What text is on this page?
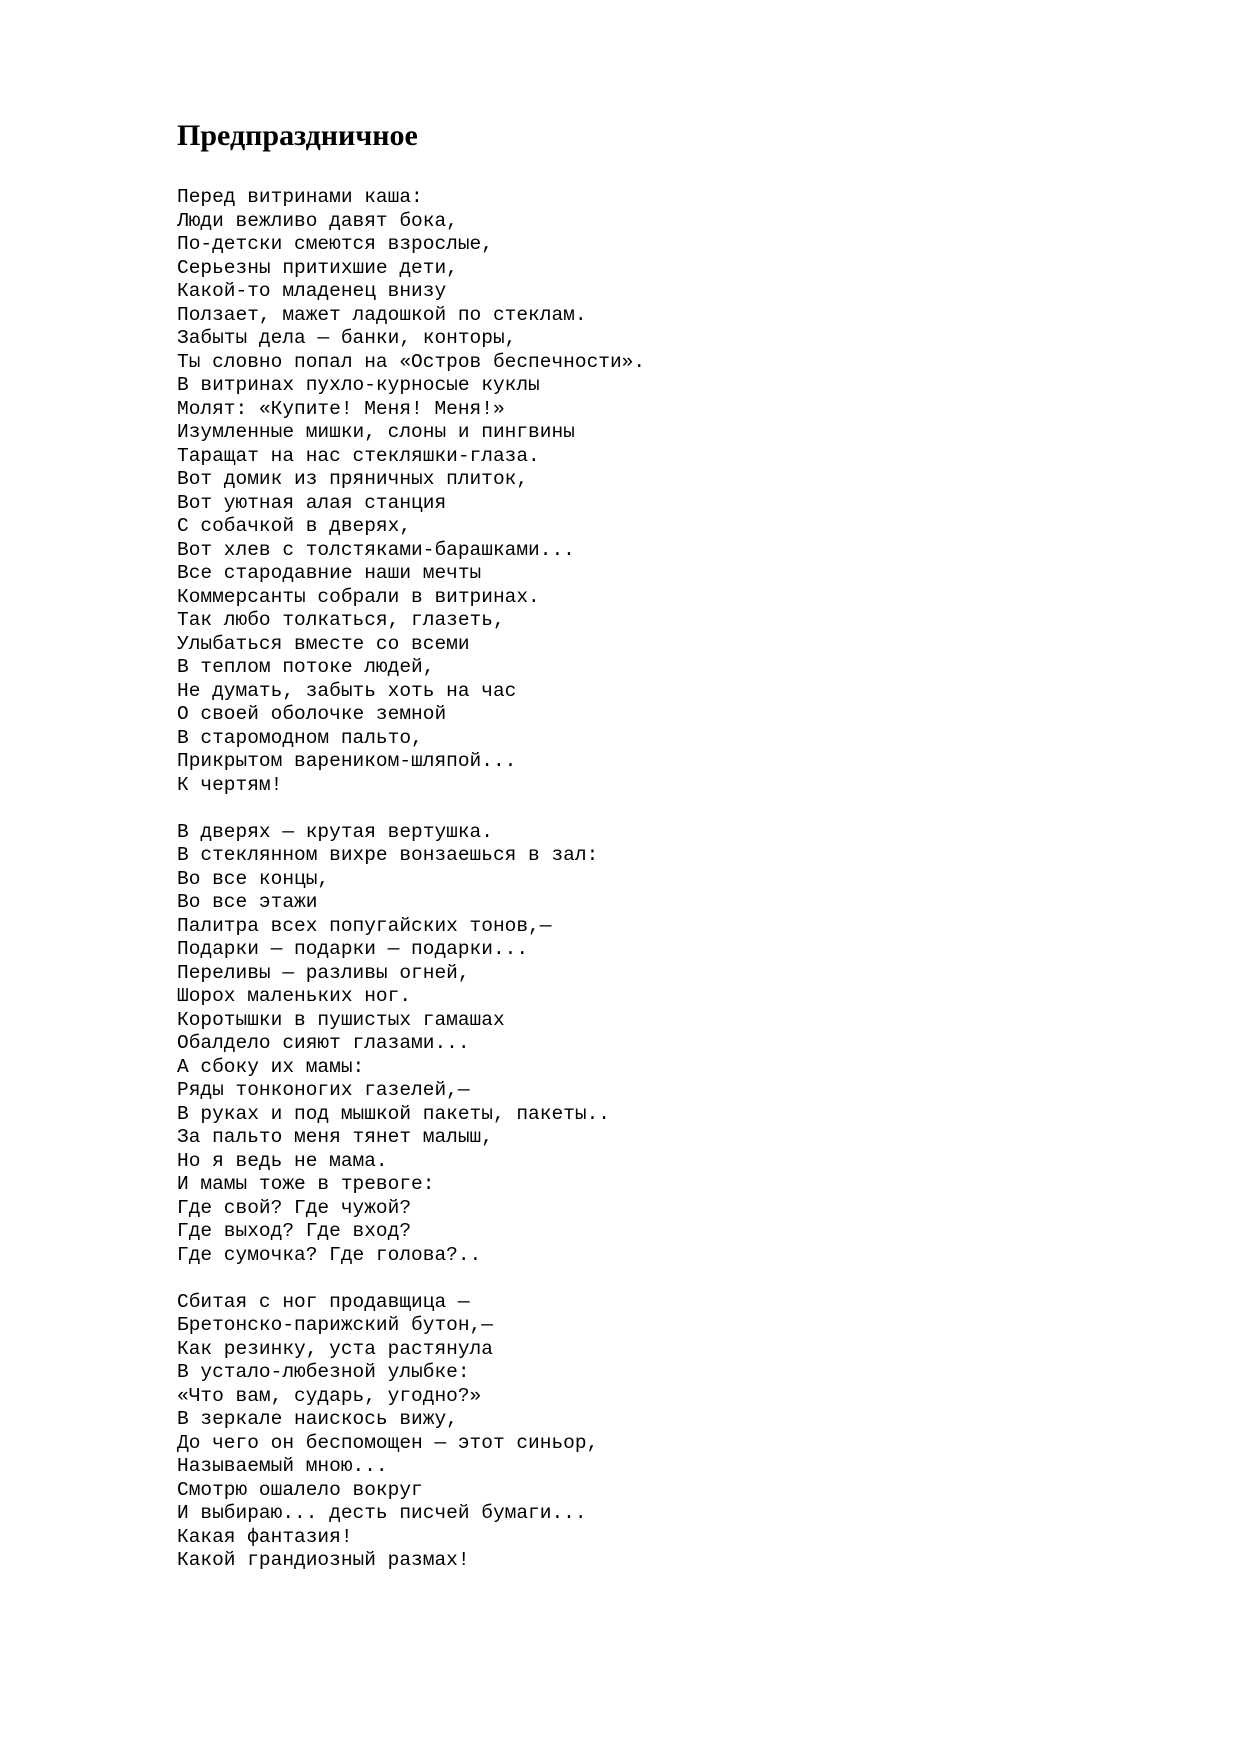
Предпраздничное
Перед витринами каша:
Люди вежливо давят бока,
По-детски смеются взрослые,
Серьезны притихшие дети,
Какой-то младенец внизу
Ползает, мажет ладошкой по стеклам.
Забыты дела — банки, конторы,
Ты словно попал на «Остров беспечности».
В витринах пухло-курносые куклы
Молят: «Купите! Меня! Меня!»
Изумленные мишки, слоны и пингвины
Таращат на нас стекляшки-глаза.
Вот домик из пряничных плиток,
Вот уютная алая станция
С собачкой в дверях,
Вот хлев с толстяками-барашками...
Все стародавние наши мечты
Коммерсанты собрали в витринах.
Так любо толкаться, глазеть,
Улыбаться вместе со всеми
В теплом потоке людей,
Не думать, забыть хоть на час
О своей оболочке земной
В старомодном пальто,
Прикрытом вареником-шляпой...
К чертям!
В дверях — крутая вертушка.
В стеклянном вихре вонзаешься в зал:
Во все концы,
Во все этажи
Палитра всех попугайских тонов,—
Подарки — подарки — подарки...
Переливы — разливы огней,
Шорох маленьких ног.
Коротышки в пушистых гамашах
Обалдело сияют глазами...
А сбоку их мамы:
Ряды тонконогих газелей,—
В руках и под мышкой пакеты, пакеты..
За пальто меня тянет малыш,
Но я ведь не мама.
И мамы тоже в тревоге:
Где свой? Где чужой?
Где выход? Где вход?
Где сумочка? Где голова?..
Сбитая с ног продавщица —
Бретонско-парижский бутон,—
Как резинку, уста растянула
В устало-любезной улыбке:
«Что вам, сударь, угодно?»
В зеркале наискось вижу,
До чего он беспомощен — этот синьор,
Называемый мною...
Смотрю ошалело вокруг
И выбираю... десть писчей бумаги...
Какая фантазия!
Какой грандиозный размах!
